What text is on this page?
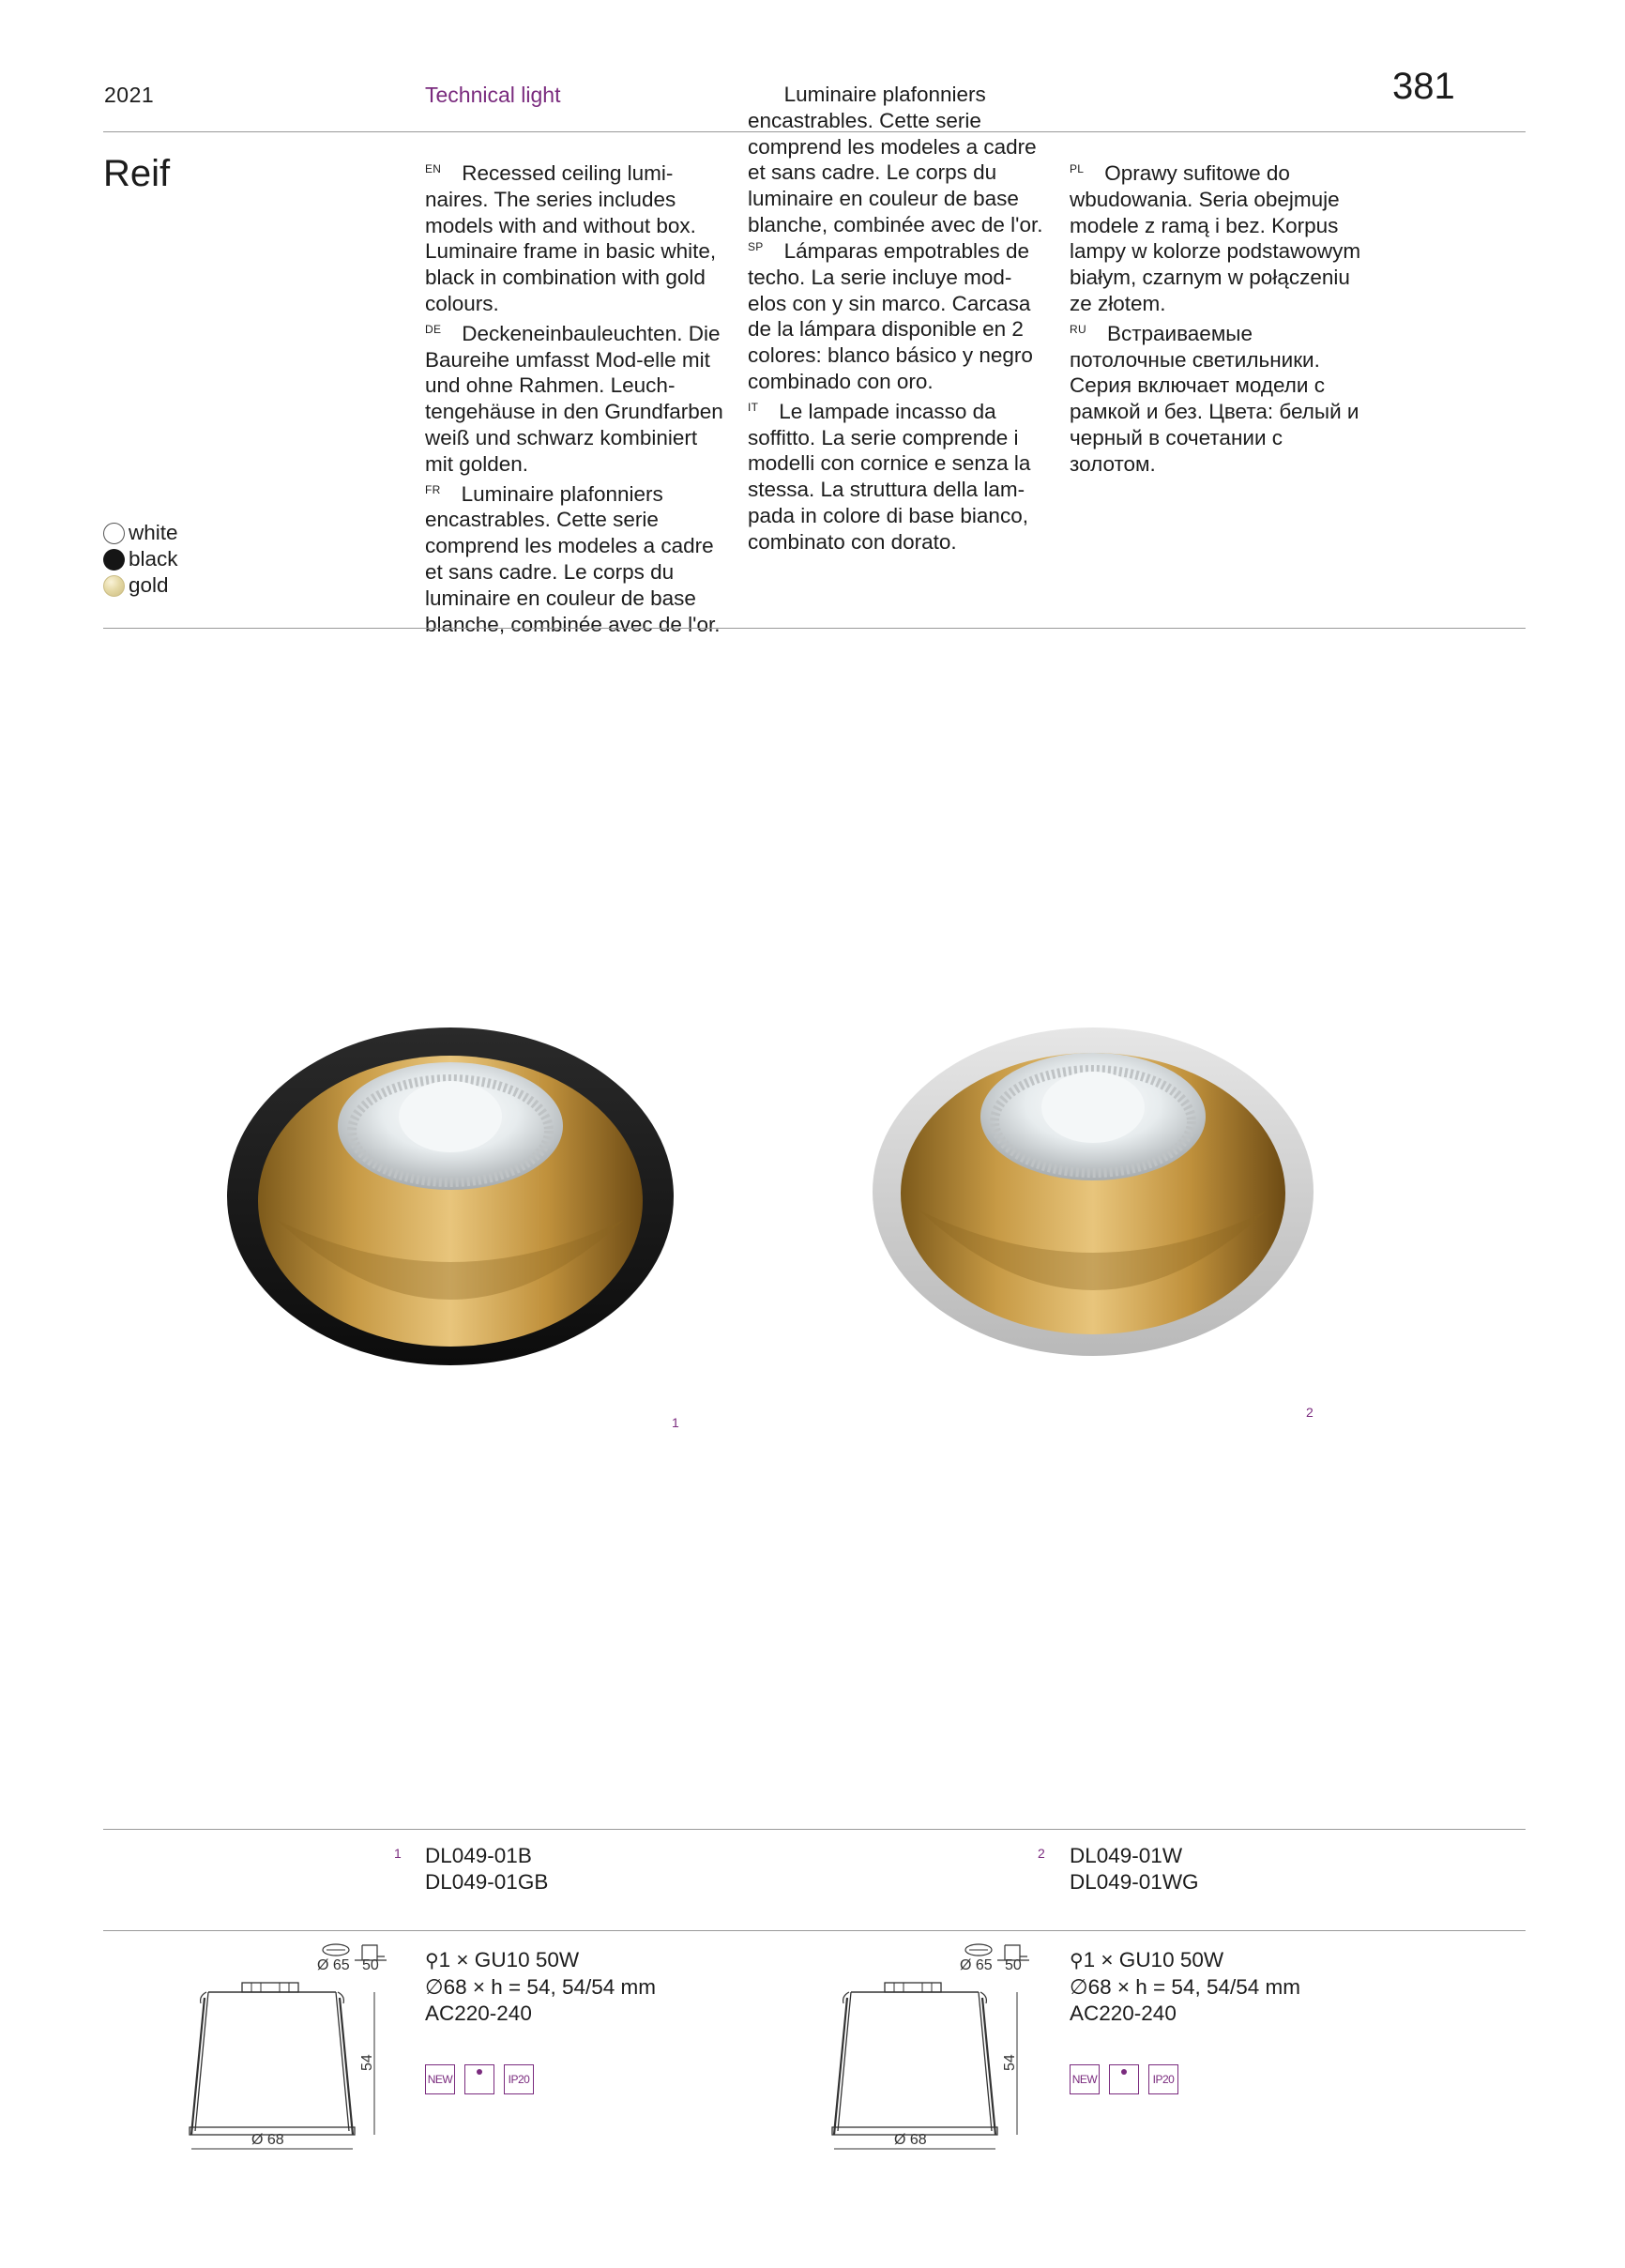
2021	Technical light	381
Reif	$^{EN}$ Recessed ceiling lumi-naires. The series includes models with and without box. Luminaire frame in basic white, black in combination with gold colours.

$^{DE}$ Deckeneinbauleuchten. Die Baureihe umfasst Mod-elle mit und ohne Rahmen. Leuch-tengehäuse in den Grundfarben weiß und schwarz kombiniert mit golden.

$^{FR}$ Luminaire plafonniers encastrables. Cette serie comprend les modeles a cadre et sans cadre. Le corps du luminaire en couleur de base blanche, combinée avec de l'or.

Luminaire plafonniers encastrables. Cette serie comprend les modeles a cadre et sans cadre. Le corps du luminaire en couleur de base blanche, combinée avec de l'or.

$^{SP}$ Lámparas empotrables de techo. La serie incluye mod-elos con y sin marco. Carcasa de la lámpara disponible en 2 colores: blanco básico y negro combinado con oro.

$^{IT}$ Le lampade incasso da soffitto. La serie comprende i modelli con cornice e senza la stessa. La struttura della lam-pada in colore di base bianco, combinato con dorato.

$^{PL}$ Oprawy sufitowe do wbudowania. Seria obejmuje modele z ramą i bez. Korpus lampy w kolorze podstawowym białym, czarnym w połączeniu ze złotem.

$^{RU}$ Встраиваемые потолочные светильники. Серия включает модели с рамкой и без. Цвета: белый и черный в сочетании с золотом.

white
black
gold
1
2
1 DL049-01B
DL049-01GB
2 DL049-01W
DL049-01WG
Ø 65 50
54
Ø 68
⚲1 × GU10 50W
∅68 × h = 54, 54/54 mm
AC220-240
NEW	IP20
Ø 65 50
54
Ø 68
⚲1 × GU10 50W
∅68 × h = 54, 54/54 mm
AC220-240
NEW	IP20
